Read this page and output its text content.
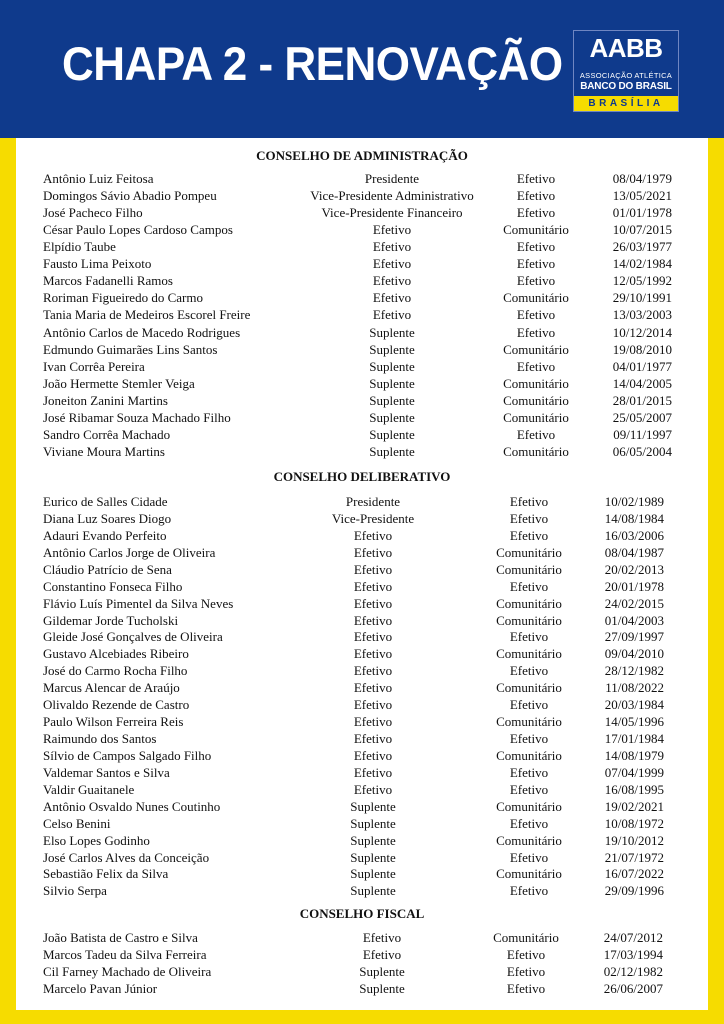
CHAPA 2 - RENOVAÇÃO	AABB
ASSOCIAÇÃO ATLÉTICA
BANCO DO BRASIL
BRASÍLIA
CONSELHO DE ADMINISTRAÇÃO
Antônio Luiz Feitosa	Presidente	Efetivo	08/04/1979
Domingos Sávio Abadio Pompeu	Vice-Presidente Administrativo	Efetivo	13/05/2021
José Pacheco Filho	Vice-Presidente Financeiro	Efetivo	01/01/1978
César Paulo Lopes Cardoso Campos	Efetivo	Comunitário	10/07/2015
Elpídio Taube	Efetivo	Efetivo	26/03/1977
Fausto Lima Peixoto	Efetivo	Efetivo	14/02/1984
Marcos Fadanelli Ramos	Efetivo	Efetivo	12/05/1992
Roriman Figueiredo do Carmo	Efetivo	Comunitário	29/10/1991
Tania Maria de Medeiros Escorel Freire	Efetivo	Efetivo	13/03/2003
Antônio Carlos de Macedo Rodrigues	Suplente	Efetivo	10/12/2014
Edmundo Guimarães Lins Santos	Suplente	Comunitário	19/08/2010
Ivan Corrêa Pereira	Suplente	Efetivo	04/01/1977
João Hermette Stemler Veiga	Suplente	Comunitário	14/04/2005
Joneiton Zanini Martins	Suplente	Comunitário	28/01/2015
José Ribamar Souza Machado Filho	Suplente	Comunitário	25/05/2007
Sandro Corrêa Machado	Suplente	Efetivo	09/11/1997
Viviane Moura Martins	Suplente	Comunitário	06/05/2004
CONSELHO DELIBERATIVO
Eurico de Salles Cidade	Presidente	Efetivo	10/02/1989
Diana Luz Soares Diogo	Vice-Presidente	Efetivo	14/08/1984
Adauri Evando Perfeito	Efetivo	Efetivo	16/03/2006
Antônio Carlos Jorge de Oliveira	Efetivo	Comunitário	08/04/1987
Cláudio Patrício de Sena	Efetivo	Comunitário	20/02/2013
Constantino Fonseca Filho	Efetivo	Efetivo	20/01/1978
Flávio Luís Pimentel da Silva Neves	Efetivo	Comunitário	24/02/2015
Gildemar Jorde Tucholski	Efetivo	Comunitário	01/04/2003
Gleide José Gonçalves de Oliveira	Efetivo	Efetivo	27/09/1997
Gustavo Alcebiades Ribeiro	Efetivo	Comunitário	09/04/2010
José do Carmo Rocha Filho	Efetivo	Efetivo	28/12/1982
Marcus Alencar de Araújo	Efetivo	Comunitário	11/08/2022
Olivaldo Rezende de Castro	Efetivo	Efetivo	20/03/1984
Paulo Wilson Ferreira Reis	Efetivo	Comunitário	14/05/1996
Raimundo dos Santos	Efetivo	Efetivo	17/01/1984
Sílvio de Campos Salgado Filho	Efetivo	Comunitário	14/08/1979
Valdemar Santos e Silva	Efetivo	Efetivo	07/04/1999
Valdir Guaitanele	Efetivo	Efetivo	16/08/1995
Antônio Osvaldo Nunes Coutinho	Suplente	Comunitário	19/02/2021
Celso Benini	Suplente	Efetivo	10/08/1972
Elso Lopes Godinho	Suplente	Comunitário	19/10/2012
José Carlos Alves da Conceição	Suplente	Efetivo	21/07/1972
Sebastião Felix da Silva	Suplente	Comunitário	16/07/2022
Silvio Serpa	Suplente	Efetivo	29/09/1996
CONSELHO FISCAL
João Batista de Castro e Silva	Efetivo	Comunitário	24/07/2012
Marcos Tadeu da Silva Ferreira	Efetivo	Efetivo	17/03/1994
Cil Farney Machado de Oliveira	Suplente	Efetivo	02/12/1982
Marcelo Pavan Júnior	Suplente	Efetivo	26/06/2007
